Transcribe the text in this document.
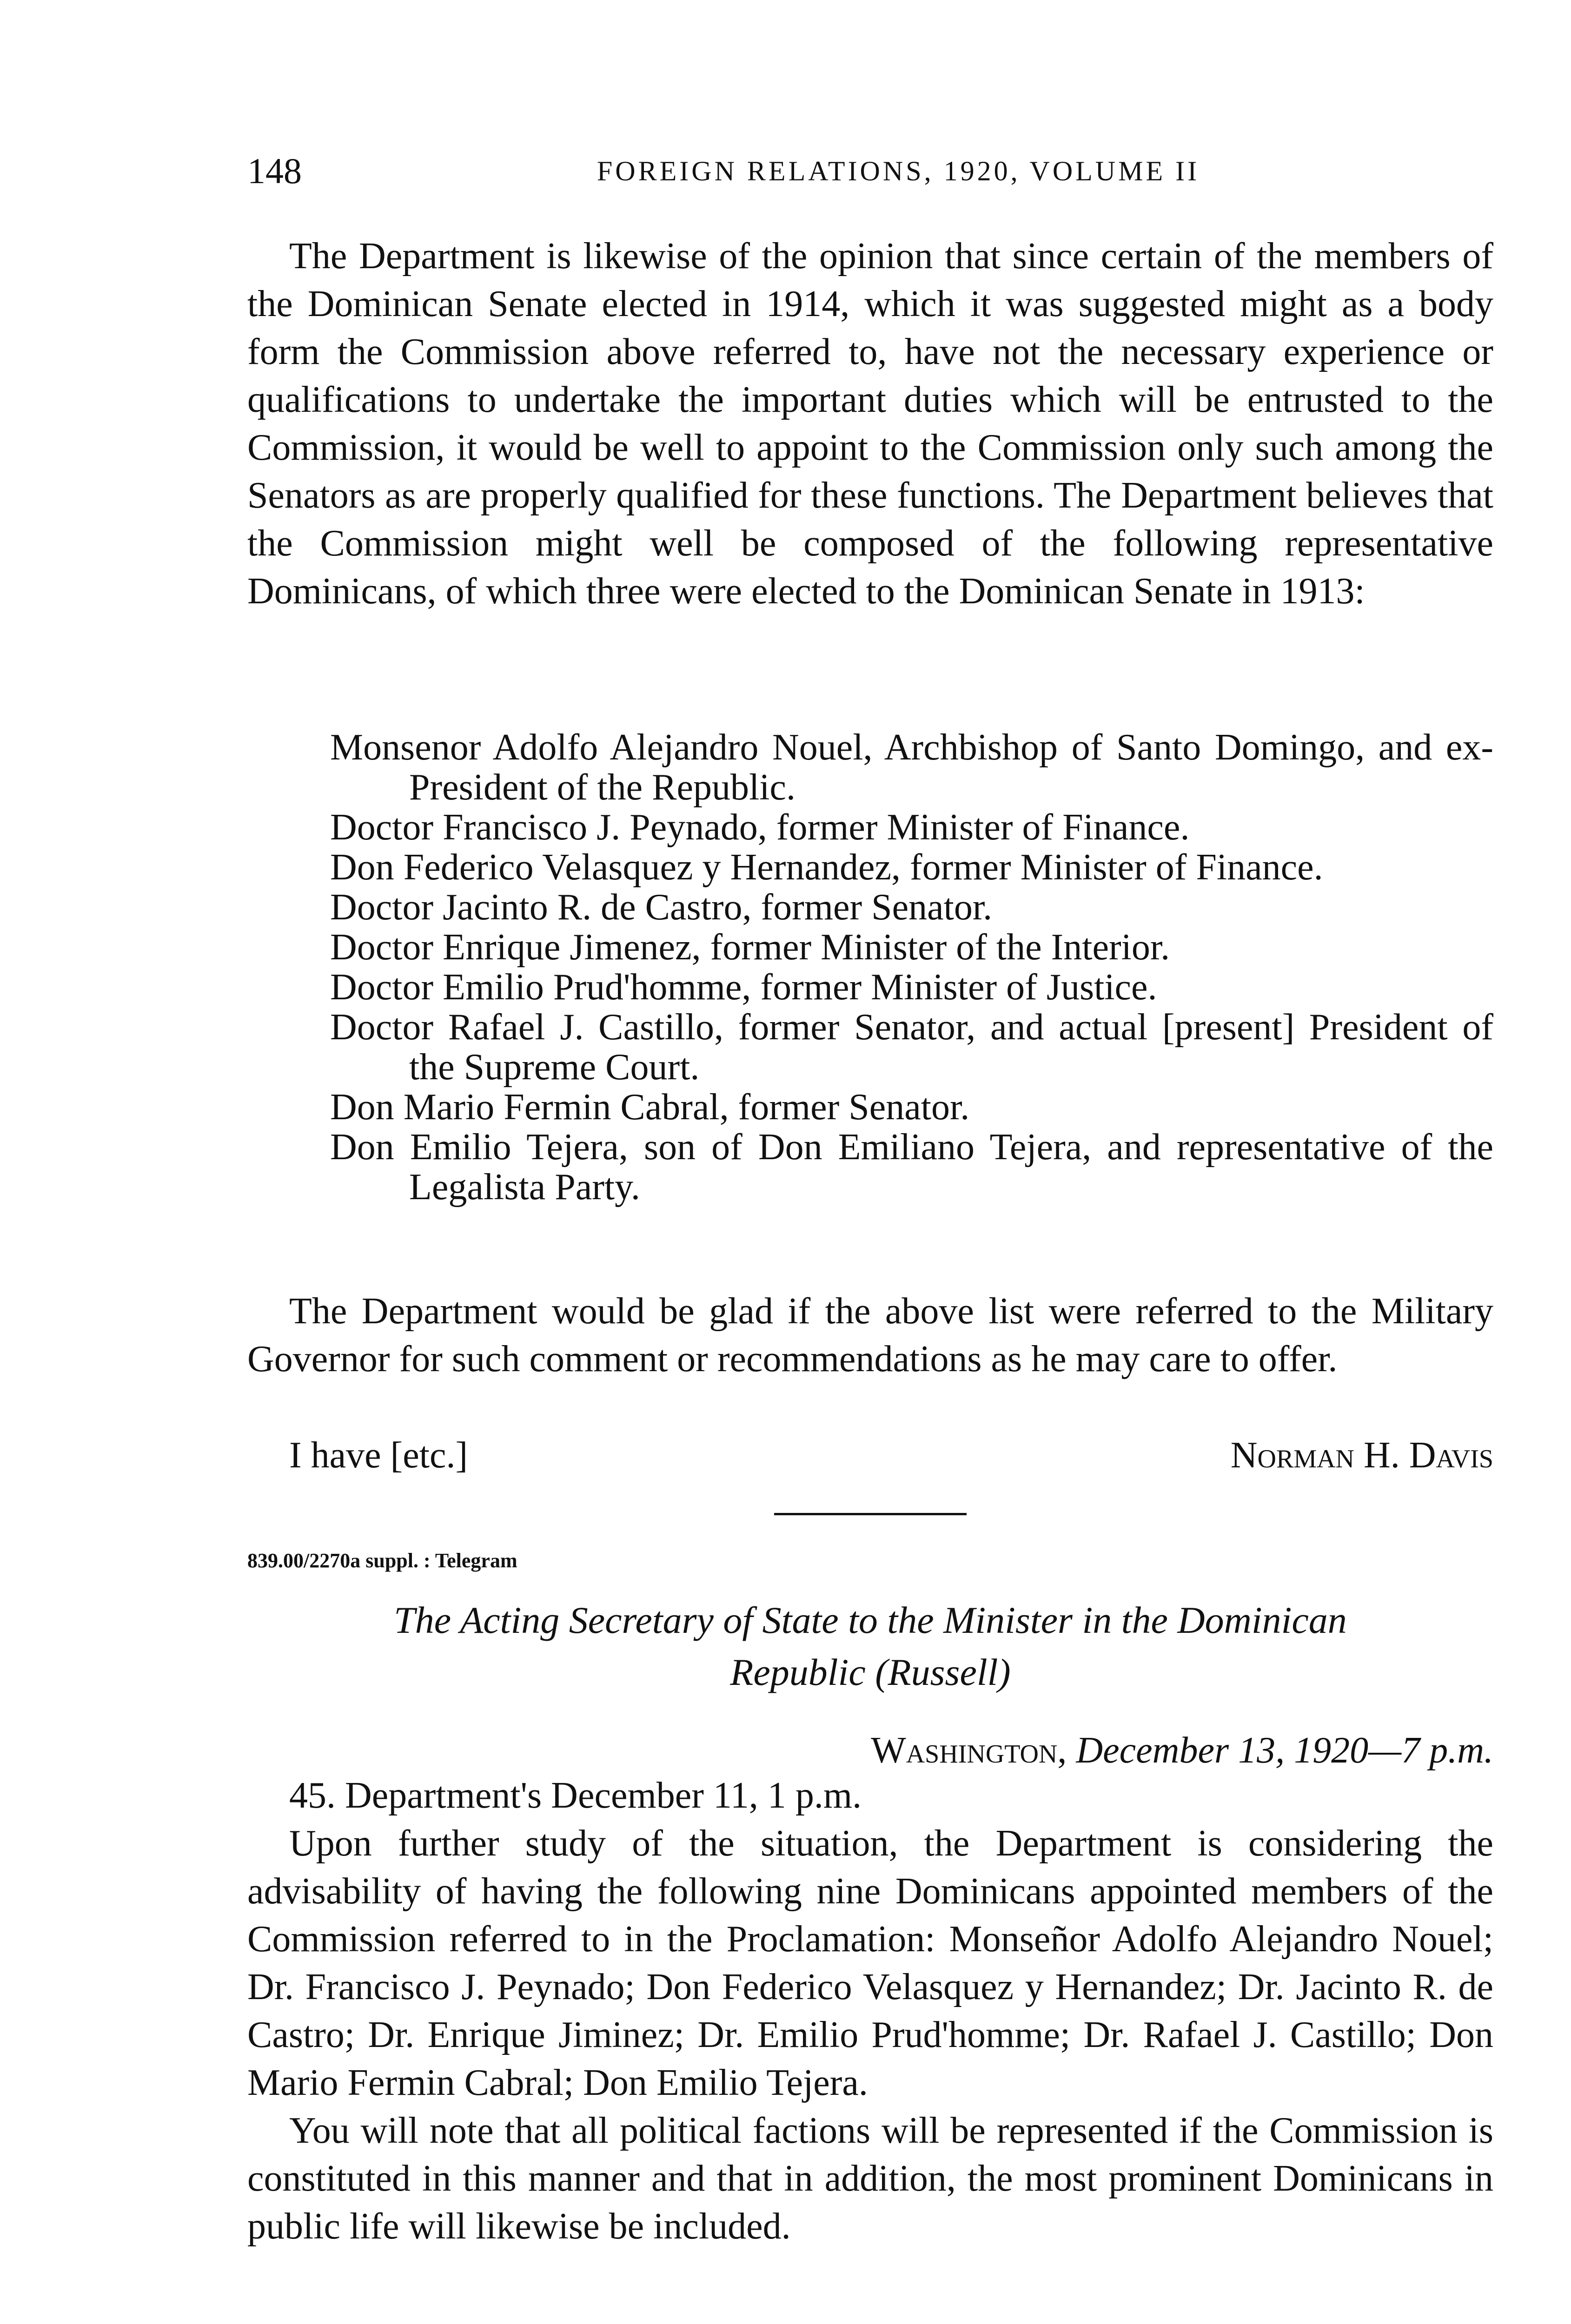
148	FOREIGN RELATIONS, 1920, VOLUME II

The Department is likewise of the opinion that since certain of the members of the Dominican Senate elected in 1914, which it was suggested might as a body form the Commission above referred to, have not the necessary experience or qualifications to undertake the important duties which will be entrusted to the Commission, it would be well to appoint to the Commission only such among the Senators as are properly qualified for these functions. The Department believes that the Commission might well be composed of the following representative Dominicans, of which three were elected to the Dominican Senate in 1913:

Monsenor Adolfo Alejandro Nouel, Archbishop of Santo Domingo, and ex-President of the Republic.

Doctor Francisco J. Peynado, former Minister of Finance.

Don Federico Velasquez y Hernandez, former Minister of Finance.

Doctor Jacinto R. de Castro, former Senator.

Doctor Enrique Jimenez, former Minister of the Interior.

Doctor Emilio Prud'homme, former Minister of Justice.

Doctor Rafael J. Castillo, former Senator, and actual [present] President of the Supreme Court.

Don Mario Fermin Cabral, former Senator.

Don Emilio Tejera, son of Don Emiliano Tejera, and representative of the Legalista Party.

The Department would be glad if the above list were referred to the Military Governor for such comment or recommendations as he may care to offer.

I have [etc.]	Norman H. Davis
839.00/2270a suppl. : Telegram
The Acting Secretary of State to the Minister in the Dominican
Republic (Russell)
Washington, December 13, 1920—7 p.m.

45. Department's December 11, 1 p.m.

Upon further study of the situation, the Department is considering the advisability of having the following nine Dominicans appointed members of the Commission referred to in the Proclamation: Monseñor Adolfo Alejandro Nouel; Dr. Francisco J. Peynado; Don Federico Velasquez y Hernandez; Dr. Jacinto R. de Castro; Dr. Enrique Jiminez; Dr. Emilio Prud'homme; Dr. Rafael J. Castillo; Don Mario Fermin Cabral; Don Emilio Tejera.

You will note that all political factions will be represented if the Commission is constituted in this manner and that in addition, the most prominent Dominicans in public life will likewise be included.
